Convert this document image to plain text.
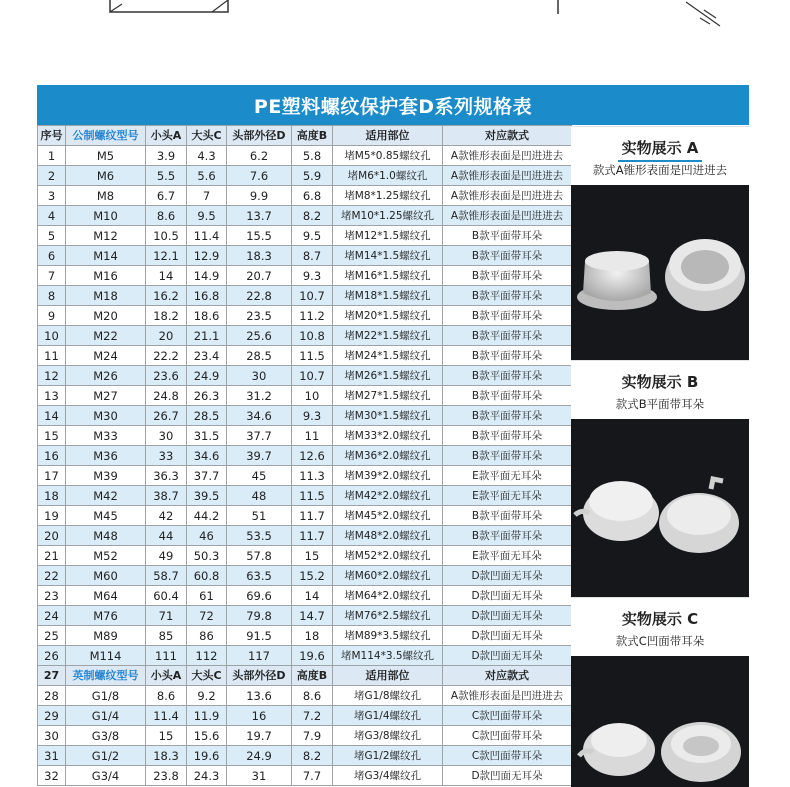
PE塑料螺纹保护套D系列规格表
序号	公制螺纹型号	小头A	大头C	头部外径D	高度B	适用部位	对应款式
1	M5	3.9	4.3	6.2	5.8	堵M5*0.85螺纹孔	A款锥形表面是凹进进去
2	M6	5.5	5.6	7.6	5.9	堵M6*1.0螺纹孔	A款锥形表面是凹进进去
3	M8	6.7	7	9.9	6.8	堵M8*1.25螺纹孔	A款锥形表面是凹进进去
4	M10	8.6	9.5	13.7	8.2	堵M10*1.25螺纹孔	A款锥形表面是凹进进去
5	M12	10.5	11.4	15.5	9.5	堵M12*1.5螺纹孔	B款平面带耳朵
6	M14	12.1	12.9	18.3	8.7	堵M14*1.5螺纹孔	B款平面带耳朵
7	M16	14	14.9	20.7	9.3	堵M16*1.5螺纹孔	B款平面带耳朵
8	M18	16.2	16.8	22.8	10.7	堵M18*1.5螺纹孔	B款平面带耳朵
9	M20	18.2	18.6	23.5	11.2	堵M20*1.5螺纹孔	B款平面带耳朵
10	M22	20	21.1	25.6	10.8	堵M22*1.5螺纹孔	B款平面带耳朵
11	M24	22.2	23.4	28.5	11.5	堵M24*1.5螺纹孔	B款平面带耳朵
12	M26	23.6	24.9	30	10.7	堵M26*1.5螺纹孔	B款平面带耳朵
13	M27	24.8	26.3	31.2	10	堵M27*1.5螺纹孔	B款平面带耳朵
14	M30	26.7	28.5	34.6	9.3	堵M30*1.5螺纹孔	B款平面带耳朵
15	M33	30	31.5	37.7	11	堵M33*2.0螺纹孔	B款平面带耳朵
16	M36	33	34.6	39.7	12.6	堵M36*2.0螺纹孔	B款平面带耳朵
17	M39	36.3	37.7	45	11.3	堵M39*2.0螺纹孔	E款平面无耳朵
18	M42	38.7	39.5	48	11.5	堵M42*2.0螺纹孔	E款平面无耳朵
19	M45	42	44.2	51	11.7	堵M45*2.0螺纹孔	B款平面带耳朵
20	M48	44	46	53.5	11.7	堵M48*2.0螺纹孔	B款平面带耳朵
21	M52	49	50.3	57.8	15	堵M52*2.0螺纹孔	E款平面无耳朵
22	M60	58.7	60.8	63.5	15.2	堵M60*2.0螺纹孔	D款凹面无耳朵
23	M64	60.4	61	69.6	14	堵M64*2.0螺纹孔	D款凹面无耳朵
24	M76	71	72	79.8	14.7	堵M76*2.5螺纹孔	D款凹面无耳朵
25	M89	85	86	91.5	18	堵M89*3.5螺纹孔	D款凹面无耳朵
26	M114	111	112	117	19.6	堵M114*3.5螺纹孔	D款凹面无耳朵
27	英制螺纹型号	小头A	大头C	头部外径D	高度B	适用部位	对应款式
28	G1/8	8.6	9.2	13.6	8.6	堵G1/8螺纹孔	A款锥形表面是凹进进去
29	G1/4	11.4	11.9	16	7.2	堵G1/4螺纹孔	C款凹面带耳朵
30	G3/8	15	15.6	19.7	7.9	堵G3/8螺纹孔	C款凹面带耳朵
31	G1/2	18.3	19.6	24.9	8.2	堵G1/2螺纹孔	C款凹面带耳朵
32	G3/4	23.8	24.3	31	7.7	堵G3/4螺纹孔	D款凹面无耳朵
实物展示 A
款式A锥形表面是凹进进去
实物展示 B
款式B平面带耳朵
实物展示 C
款式C凹面带耳朵
